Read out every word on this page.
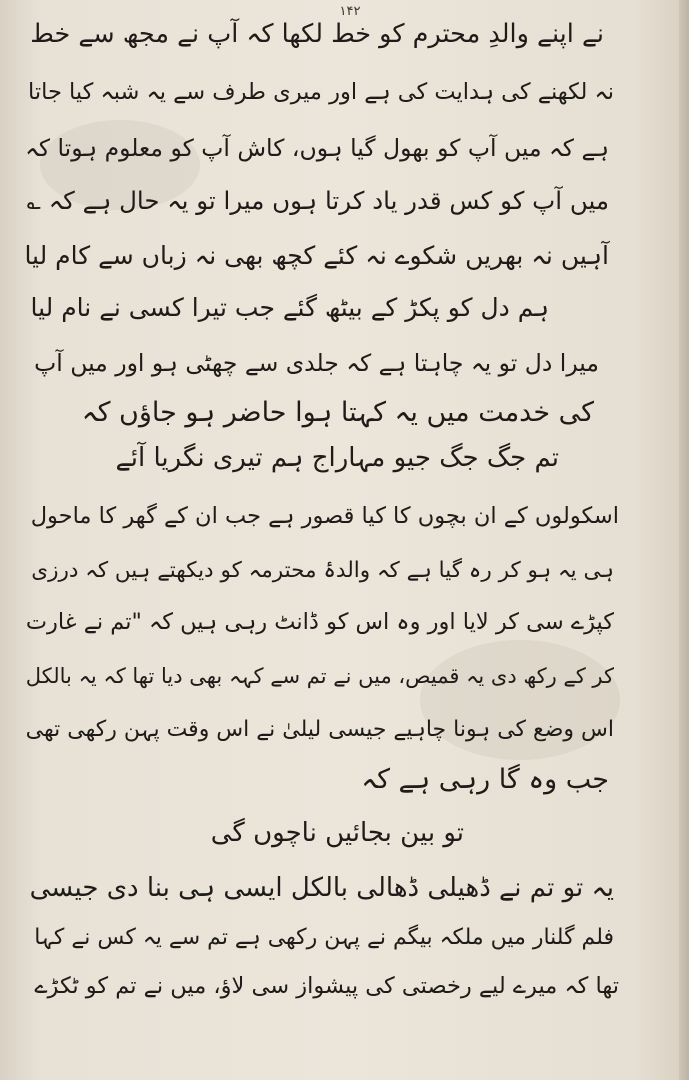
۱۴۲
نے اپنے والدِ محترم کو خط لکھا کہ آپ نے مجھ سے خط
نہ لکھنے کی ہدایت کی ہے اور میری طرف سے یہ شبہ کیا جاتا
ہے کہ میں آپ کو بھول گیا ہوں، کاش آپ کو معلوم ہوتا کہ
میں آپ کو کس قدر یاد کرتا ہوں میرا تو یہ حال ہے کہ ؎
آہیں نہ بھریں شکوے نہ کئے کچھ بھی نہ زباں سے کام لیا
ہم دل کو پکڑ کے بیٹھ گئے جب تیرا کسی نے نام لیا
میرا دل تو یہ چاہتا ہے کہ جلدی سے چھٹی ہو اور میں آپ
کی خدمت میں یہ کہتا ہوا حاضر ہو جاؤں کہ
تم جگ جگ جیو مہاراج ہم تیری نگریا آئے
اسکولوں کے ان بچوں کا کیا قصور ہے جب ان کے گھر کا ماحول
ہی یہ ہو کر رہ گیا ہے کہ والدۂ محترمہ کو دیکھتے ہیں کہ درزی
کپڑے سی کر لایا اور وہ اس کو ڈانٹ رہی ہیں کہ "تم نے غارت
کر کے رکھ دی یہ قمیص، میں نے تم سے کہہ بھی دیا تھا کہ یہ بالکل
اس وضع کی ہونا چاہیے جیسی لیلیٰ نے اس وقت پہن رکھی تھی
جب وہ گا رہی ہے کہ
تو بین بجائیں ناچوں گی
یہ تو تم نے ڈھیلی ڈھالی بالکل ایسی ہی بنا دی جیسی
فلم گلنار میں ملکہ بیگم نے پہن رکھی ہے تم سے یہ کس نے کہا
تھا کہ میرے لیے رخصتی کی پیشواز سی لاؤ، میں نے تم کو ٹکڑے
